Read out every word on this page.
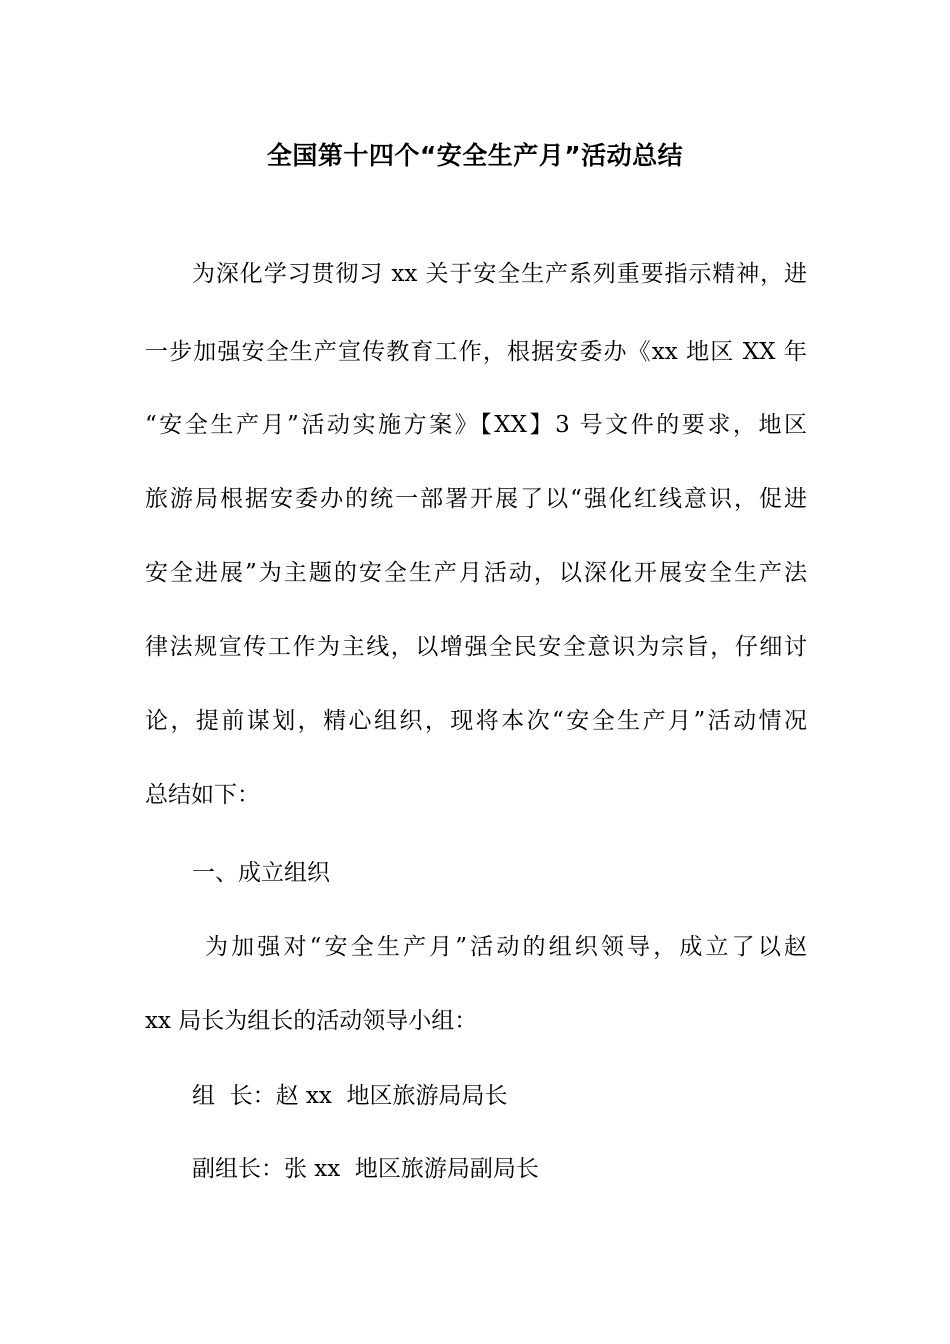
全国第十四个“安全生产月”活动总结
为深化学习贯彻习 xx 关于安全生产系列重要指示精神，进
一步加强安全生产宣传教育工作，根据安委办《xx 地区 XX 年
“安全生产月”活动实施方案》【XX】3 号文件的要求，地区
旅游局根据安委办的统一部署开展了以“强化红线意识，促进
安全进展”为主题的安全生产月活动，以深化开展安全生产法
律法规宣传工作为主线，以增强全民安全意识为宗旨，仔细讨
论，提前谋划，精心组织，现将本次“安全生产月”活动情况
总结如下：
一、成立组织
为加强对“安全生产月”活动的组织领导，成立了以赵
xx 局长为组长的活动领导小组：
组  长：赵 xx  地区旅游局局长
副组长：张 xx  地区旅游局副局长
